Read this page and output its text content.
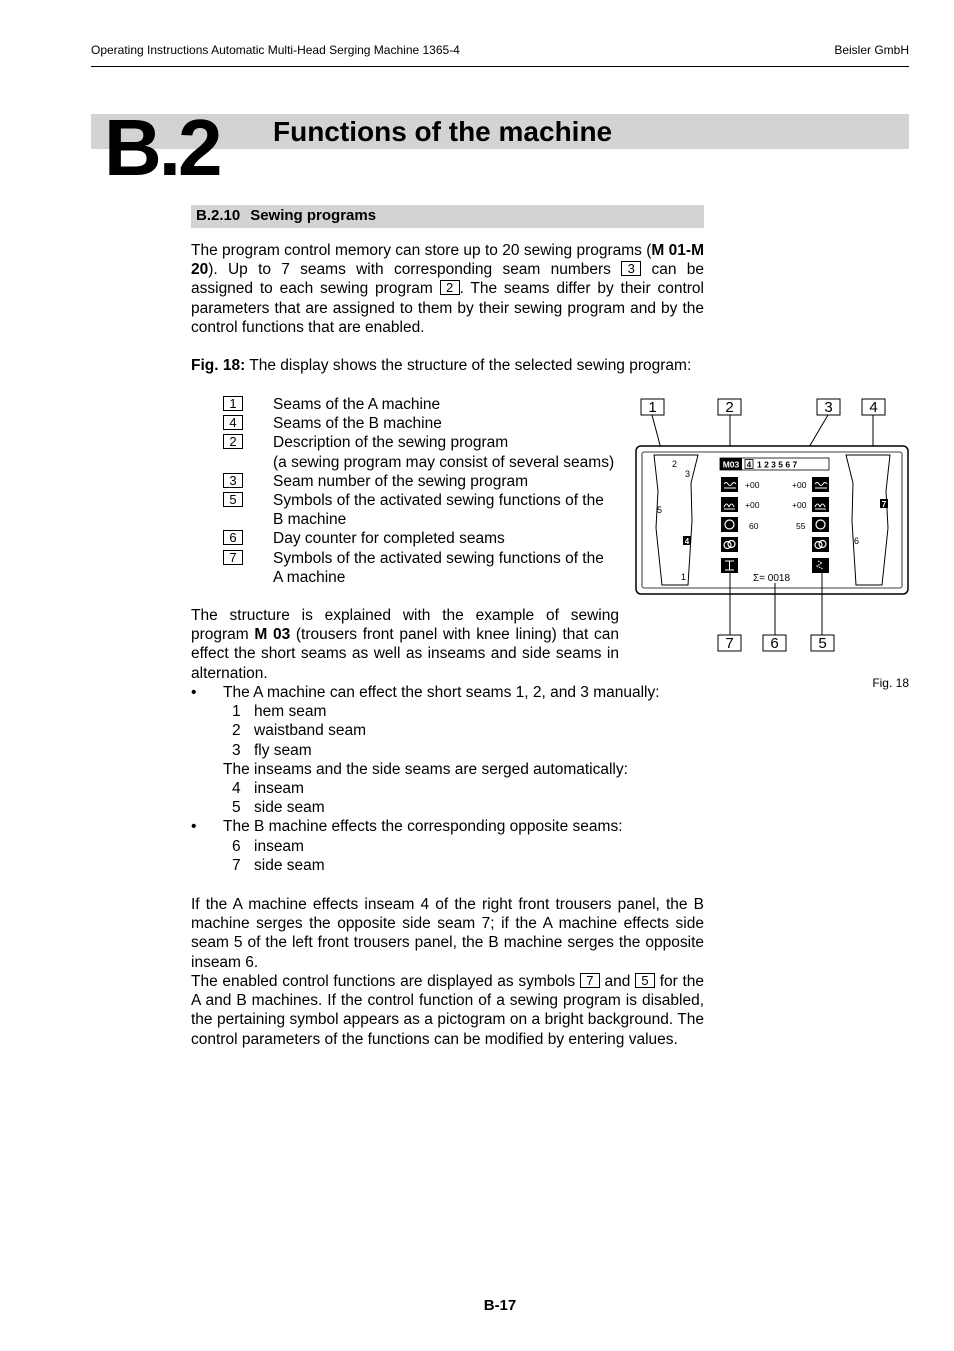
Operating Instructions Automatic Multi-Head Serging Machine 1365-4	Beisler GmbH
B.2 Functions of the machine
B.2.10 Sewing programs
The program control memory can store up to 20 sewing programs (M 01-M 20). Up to 7 seams with corresponding seam numbers 3 can be assigned to each sewing program 2 . The seams differ by their control parameters that are assigned to them by their sewing program and by the control functions that are enabled.
Fig. 18: The display shows the structure of the selected sewing program:
1	Seams of the A machine
4	Seams of the B machine
2	Description of the sewing program
(a sewing program may consist of several seams)
3	Seam number of the sewing program
5	Symbols of the activated sewing functions of the
B machine
6	Day counter for completed seams
7	Symbols of the activated sewing functions of the
A machine
1	2	3 4
2
3
5
4
1
7
6
M03 4 1 2 3 5 6 7
+00	+00
+00	+00
60	55
Σ= 0018
7 6	5
Fig. 18
The structure is explained with the example of sewing program M 03 (trousers front panel with knee lining) that can effect the short seams as well as inseams and side seams in alternation.
•	The A machine can effect the short seams 1, 2, and 3 manually:
1 hem seam
2 waistband seam
3 fly seam
The inseams and the side seams are serged automatically:
4 inseam
5 side seam
•	The B machine effects the corresponding opposite seams:
6 inseam
7 side seam
If the A machine effects inseam 4 of the right front trousers panel, the B machine serges the opposite side seam 7; if the A machine effects side seam 5 of the left front trousers panel, the B machine serges the opposite inseam 6.
The enabled control functions are displayed as symbols 7 and 5 for the A and B machines. If the control function of a sewing program is disabled, the pertaining symbol appears as a pictogram on a bright background. The control parameters of the functions can be modified by entering values.
B-17
